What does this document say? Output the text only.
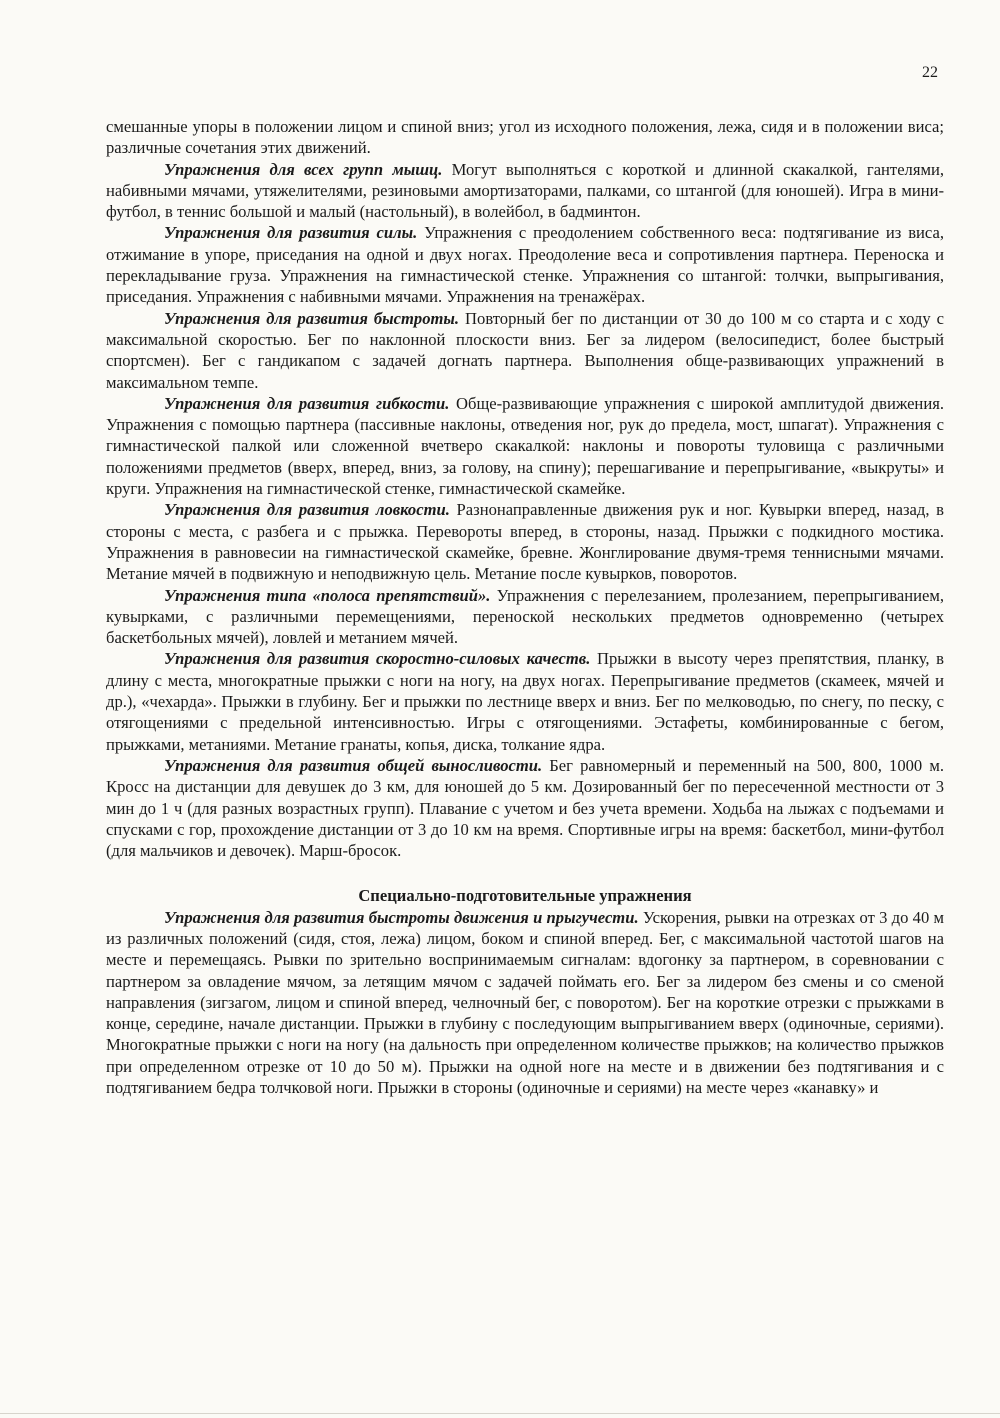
22

смешанные упоры в положении лицом и спиной вниз; угол из исходного положения, лежа, сидя и в положении виса; различные сочетания этих движений.

Упражнения для всех групп мышц. Могут выполняться с короткой и длинной скакалкой, гантелями, набивными мячами, утяжелителями, резиновыми амортизаторами, палками, со штангой (для юношей). Игра в мини-футбол, в теннис большой и малый (настольный), в волейбол, в бадминтон.

Упражнения для развития силы. Упражнения с преодолением собственного веса: подтягивание из виса, отжимание в упоре, приседания на одной и двух ногах. Преодоление веса и сопротивления партнера. Переноска и перекладывание груза. Упражнения на гимнастической стенке. Упражнения со штангой: толчки, выпрыгивания, приседания. Упражнения с набивными мячами. Упражнения на тренажёрах.

Упражнения для развития быстроты. Повторный бег по дистанции от 30 до 100 м со старта и с ходу с максимальной скоростью. Бег по наклонной плоскости вниз. Бег за лидером (велосипедист, более быстрый спортсмен). Бег с гандикапом с задачей догнать партнера. Выполнения обще-развивающих упражнений в максимальном темпе.

Упражнения для развития гибкости. Обще-развивающие упражнения с широкой амплитудой движения. Упражнения с помощью партнера (пассивные наклоны, отведения ног, рук до предела, мост, шпагат). Упражнения с гимнастической палкой или сложенной вчетверо скакалкой: наклоны и повороты туловища с различными положениями предметов (вверх, вперед, вниз, за голову, на спину); перешагивание и перепрыгивание, «выкруты» и круги. Упражнения на гимнастической стенке, гимнастической скамейке.

Упражнения для развития ловкости. Разнонаправленные движения рук и ног. Кувырки вперед, назад, в стороны с места, с разбега и с прыжка. Перевороты вперед, в стороны, назад. Прыжки с подкидного мостика. Упражнения в равновесии на гимнастической скамейке, бревне. Жонглирование двумя-тремя теннисными мячами. Метание мячей в подвижную и неподвижную цель. Метание после кувырков, поворотов.

Упражнения типа «полоса препятствий». Упражнения с перелезанием, пролезанием, перепрыгиванием, кувырками, с различными перемещениями, переноской нескольких предметов одновременно (четырех баскетбольных мячей), ловлей и метанием мячей.

Упражнения для развития скоростно-силовых качеств. Прыжки в высоту через препятствия, планку, в длину с места, многократные прыжки с ноги на ногу, на двух ногах. Перепрыгивание предметов (скамеек, мячей и др.), «чехарда». Прыжки в глубину. Бег и прыжки по лестнице вверх и вниз. Бег по мелководью, по снегу, по песку, с отягощениями с предельной интенсивностью. Игры с отягощениями. Эстафеты, комбинированные с бегом, прыжками, метаниями. Метание гранаты, копья, диска, толкание ядра.

Упражнения для развития общей выносливости. Бег равномерный и переменный на 500, 800, 1000 м. Кросс на дистанции для девушек до 3 км, для юношей до 5 км. Дозированный бег по пересеченной местности от 3 мин до 1 ч (для разных возрастных групп). Плавание с учетом и без учета времени. Ходьба на лыжах с подъемами и спусками с гор, прохождение дистанции от 3 до 10 км на время. Спортивные игры на время: баскетбол, мини-футбол (для мальчиков и девочек). Марш-бросок.

Специально-подготовительные упражнения

Упражнения для развития быстроты движения и прыгучести. Ускорения, рывки на отрезках от 3 до 40 м из различных положений (сидя, стоя, лежа) лицом, боком и спиной вперед. Бег, с максимальной частотой шагов на месте и перемещаясь. Рывки по зрительно воспринимаемым сигналам: вдогонку за партнером, в соревновании с партнером за овладение мячом, за летящим мячом с задачей поймать его. Бег за лидером без смены и со сменой направления (зигзагом, лицом и спиной вперед, челночный бег, с поворотом). Бег на короткие отрезки с прыжками в конце, середине, начале дистанции. Прыжки в глубину с последующим выпрыгиванием вверх (одиночные, сериями). Многократные прыжки с ноги на ногу (на дальность при определенном количестве прыжков; на количество прыжков при определенном отрезке от 10 до 50 м). Прыжки на одной ноге на месте и в движении без подтягивания и с подтягиванием бедра толчковой ноги. Прыжки в стороны (одиночные и сериями) на месте через «канавку» и
